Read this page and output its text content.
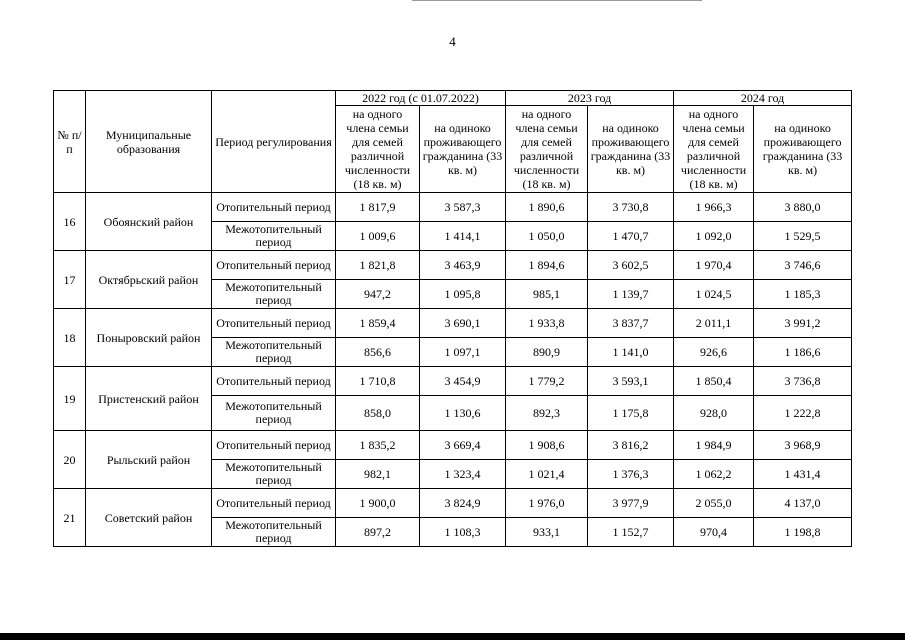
4
№ п/п	Муниципальные образования	Период регулирования	2022 год (с 01.07.2022)		2023 год		2024 год	
			на одного члена семьи для семей различной численности (18 кв. м)	на одиноко проживающего гражданина (33 кв. м)	на одного члена семьи для семей различной численности (18 кв. м)	на одиноко проживающего гражданина (33 кв. м)	на одного члена семьи для семей различной численности (18 кв. м)	на одиноко проживающего гражданина (33 кв. м)
16	Обоянский район	Отопительный период	1 817,9	3 587,3	1 890,6	3 730,8	1 966,3	3 880,0
		Межотопительный период	1 009,6	1 414,1	1 050,0	1 470,7	1 092,0	1 529,5
17	Октябрьский район	Отопительный период	1 821,8	3 463,9	1 894,6	3 602,5	1 970,4	3 746,6
		Межотопительный период	947,2	1 095,8	985,1	1 139,7	1 024,5	1 185,3
18	Поныровский район	Отопительный период	1 859,4	3 690,1	1 933,8	3 837,7	2 011,1	3 991,2
		Межотопительный период	856,6	1 097,1	890,9	1 141,0	926,6	1 186,6
19	Пристенский район	Отопительный период	1 710,8	3 454,9	1 779,2	3 593,1	1 850,4	3 736,8
		Межотопительный период	858,0	1 130,6	892,3	1 175,8	928,0	1 222,8
20	Рыльский район	Отопительный период	1 835,2	3 669,4	1 908,6	3 816,2	1 984,9	3 968,9
		Межотопительный период	982,1	1 323,4	1 021,4	1 376,3	1 062,2	1 431,4
21	Советский район	Отопительный период	1 900,0	3 824,9	1 976,0	3 977,9	2 055,0	4 137,0
		Межотопительный период	897,2	1 108,3	933,1	1 152,7	970,4	1 198,8
